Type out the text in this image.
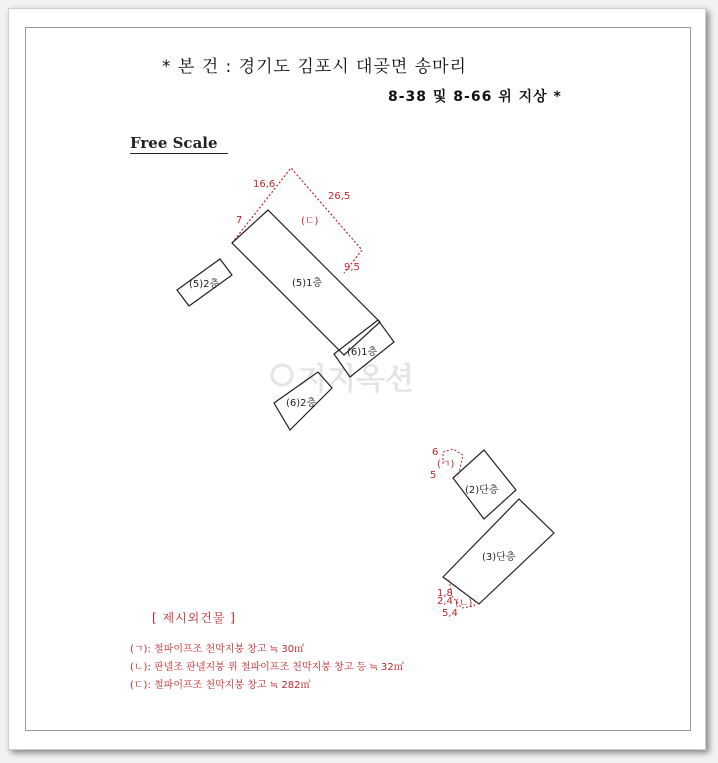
* 본 건 : 경기도 김포시 대곶면 송마리
8-38 및 8-66 위 지상 *
Free Scale
지지옥션
(5)1층
(5)2층
(6)1층
(6)2층
(2)단층
(3)단층
(ㄷ)
16,6
26,5
7
9,5
(ㄱ)
6
5
(ㄴ)
1,8
2,4
5,4
[ 제시외건물 ]
(ㄱ): 철파이프조 천막지붕 창고 ≒ 30㎡
(ㄴ): 판넬조 판넬지붕 위 철파이프조 천막지붕 창고 등 ≒ 32㎡
(ㄷ): 철파이프조 천막지붕 창고 ≒ 282㎡
